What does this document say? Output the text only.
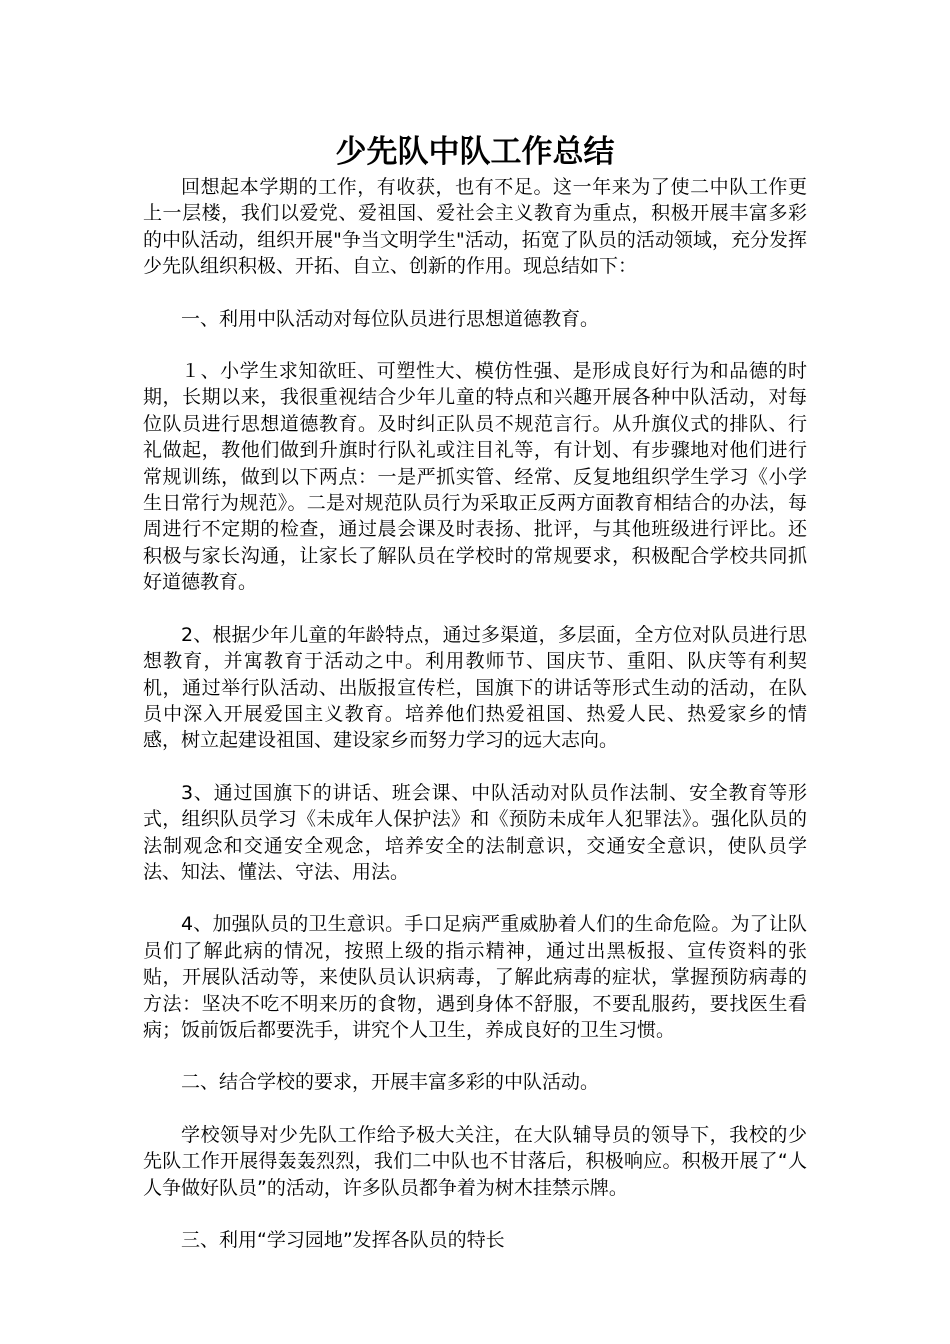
少先队中队工作总结

回想起本学期的工作，有收获，也有不足。这一年来为了使二中队工作更上一层楼，我们以爱党、爱祖国、爱社会主义教育为重点，积极开展丰富多彩的中队活动，组织开展"争当文明学生"活动，拓宽了队员的活动领域，充分发挥少先队组织积极、开拓、自立、创新的作用。现总结如下：

一、利用中队活动对每位队员进行思想道德教育。

１、小学生求知欲旺、可塑性大、模仿性强、是形成良好行为和品德的时期，长期以来，我很重视结合少年儿童的特点和兴趣开展各种中队活动，对每位队员进行思想道德教育。及时纠正队员不规范言行。从升旗仪式的排队、行礼做起，教他们做到升旗时行队礼或注目礼等，有计划、有步骤地对他们进行常规训练，做到以下两点：一是严抓实管、经常、反复地组织学生学习《小学生日常行为规范》。二是对规范队员行为采取正反两方面教育相结合的办法，每周进行不定期的检查，通过晨会课及时表扬、批评，与其他班级进行评比。还积极与家长沟通，让家长了解队员在学校时的常规要求，积极配合学校共同抓好道德教育。

2、根据少年儿童的年龄特点，通过多渠道，多层面，全方位对队员进行思想教育，并寓教育于活动之中。利用教师节、国庆节、重阳、队庆等有利契机，通过举行队活动、出版报宣传栏，国旗下的讲话等形式生动的活动，在队员中深入开展爱国主义教育。培养他们热爱祖国、热爱人民、热爱家乡的情感，树立起建设祖国、建设家乡而努力学习的远大志向。

3、通过国旗下的讲话、班会课、中队活动对队员作法制、安全教育等形式，组织队员学习《未成年人保护法》和《预防未成年人犯罪法》。强化队员的法制观念和交通安全观念，培养安全的法制意识，交通安全意识，使队员学法、知法、懂法、守法、用法。

4、加强队员的卫生意识。手口足病严重威胁着人们的生命危险。为了让队员们了解此病的情况，按照上级的指示精神，通过出黑板报、宣传资料的张贴，开展队活动等，来使队员认识病毒，了解此病毒的症状，掌握预防病毒的方法：坚决不吃不明来历的食物，遇到身体不舒服，不要乱服药，要找医生看病；饭前饭后都要洗手，讲究个人卫生，养成良好的卫生习惯。

二、结合学校的要求，开展丰富多彩的中队活动。

学校领导对少先队工作给予极大关注，在大队辅导员的领导下，我校的少先队工作开展得轰轰烈烈，我们二中队也不甘落后，积极响应。积极开展了“人人争做好队员”的活动，许多队员都争着为树木挂禁示牌。

三、利用“学习园地”发挥各队员的特长
